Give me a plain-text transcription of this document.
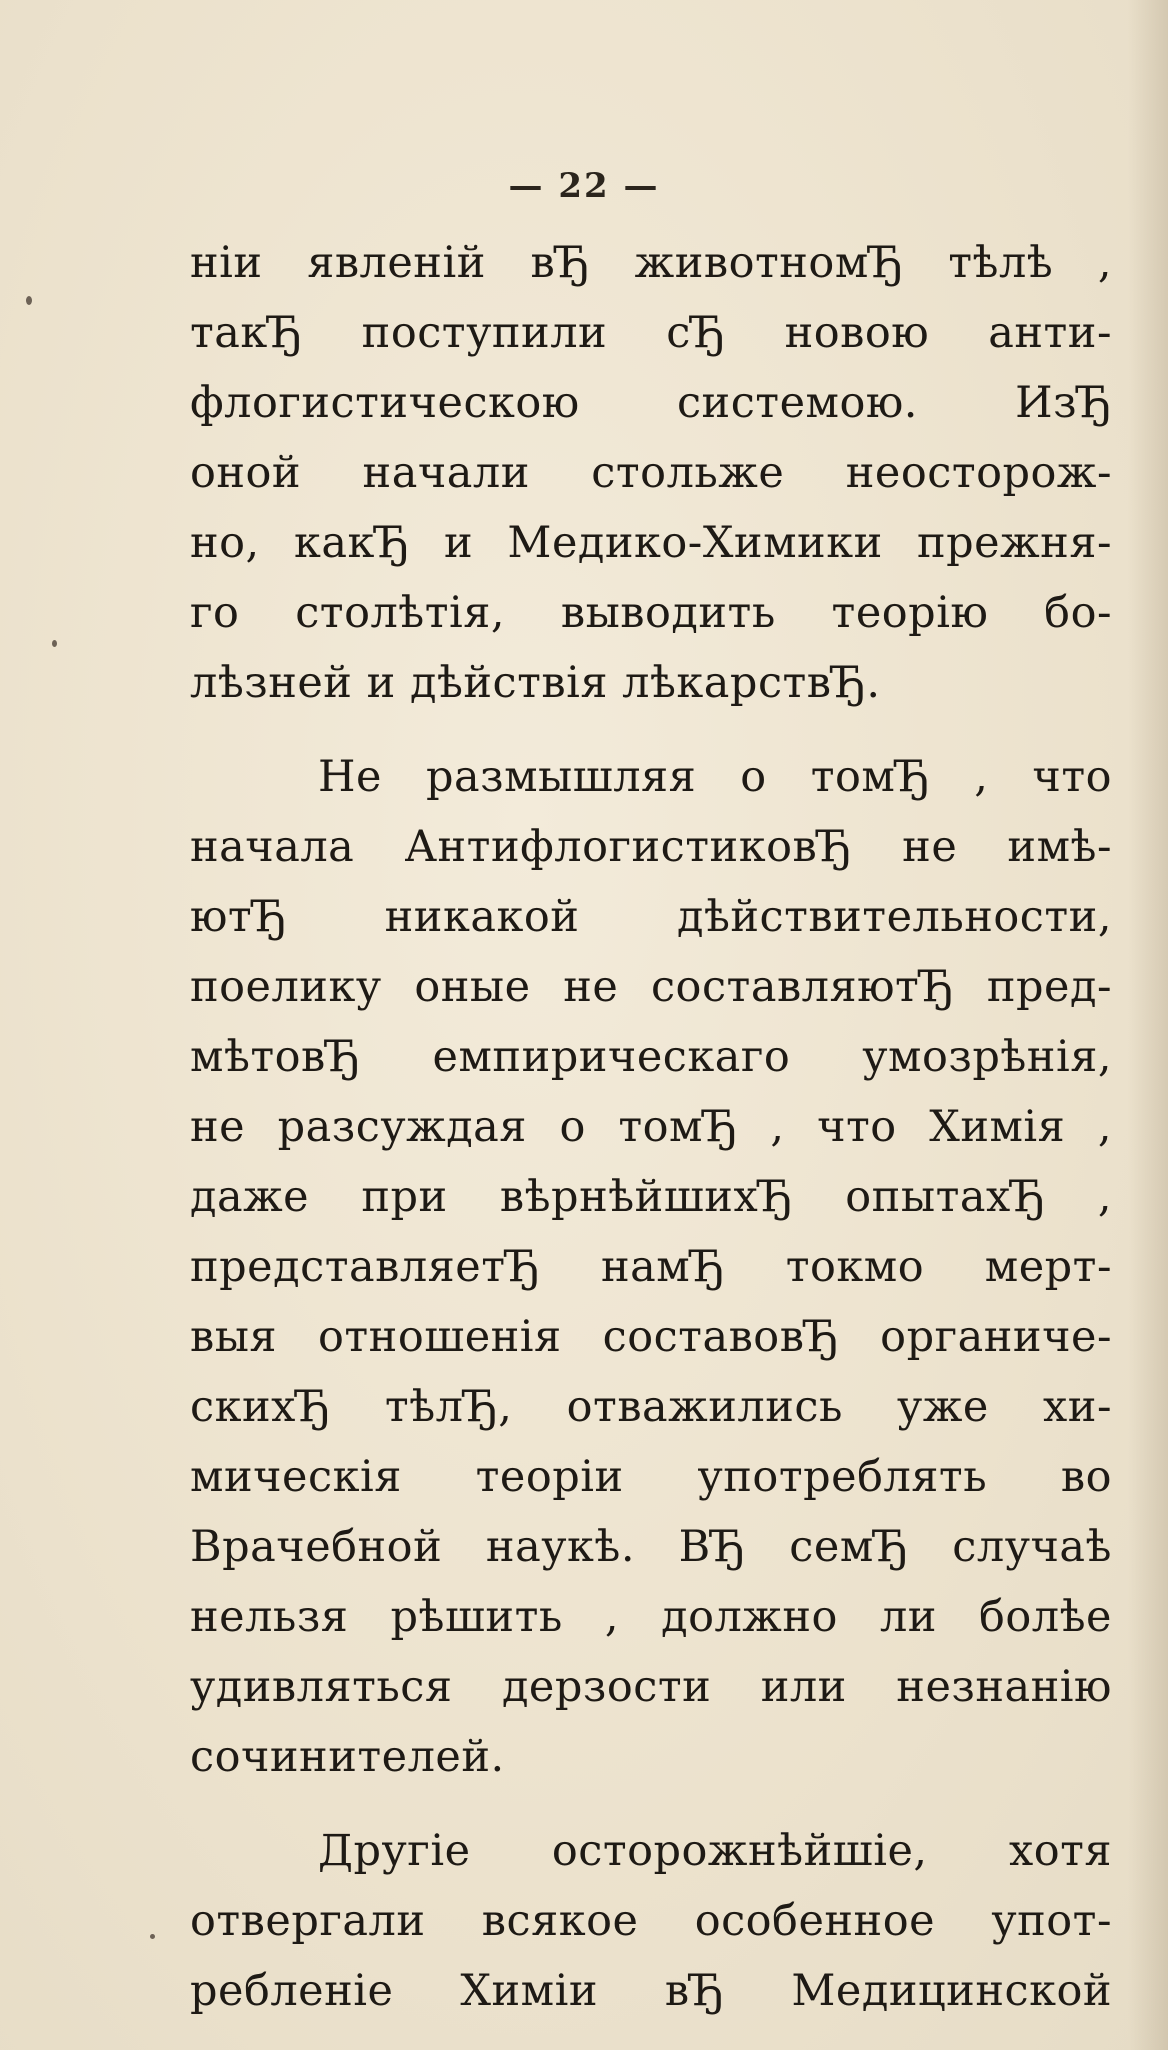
— 22 —
ніи явленій вЂ животномЂ тѣлѣ ,
такЂ поступили сЂ новою анти-
флогистическою системою. ИзЂ
оной начали стольже неосторож-
но, какЂ и Медико-Химики прежня-
го столѣтія, выводить теорію бо-
лѣзней и дѣйствія лѣкарствЂ.
Не размышляя о томЂ , что
начала АнтифлогистиковЂ не имѣ-
ютЂ никакой дѣйствительности,
поелику оные не составляютЂ пред-
мѣтовЂ емпирическаго умозрѣнія,
не разсуждая о томЂ , что Химія ,
даже при вѣрнѣйшихЂ опытахЂ ,
представляетЂ намЂ токмо мерт-
выя отношенія составовЂ органиче-
скихЂ тѣлЂ, отважились уже хи-
мическія теоріи употреблять во
Врачебной наукѣ. ВЂ семЂ случаѣ
нельзя рѣшить , должно ли болѣе
удивляться дерзости или незнанію
сочинителей.
Другіе осторожнѣйшіе, хотя
отвергали всякое особенное упот-
ребленіе Химіи вЂ Медицинской
